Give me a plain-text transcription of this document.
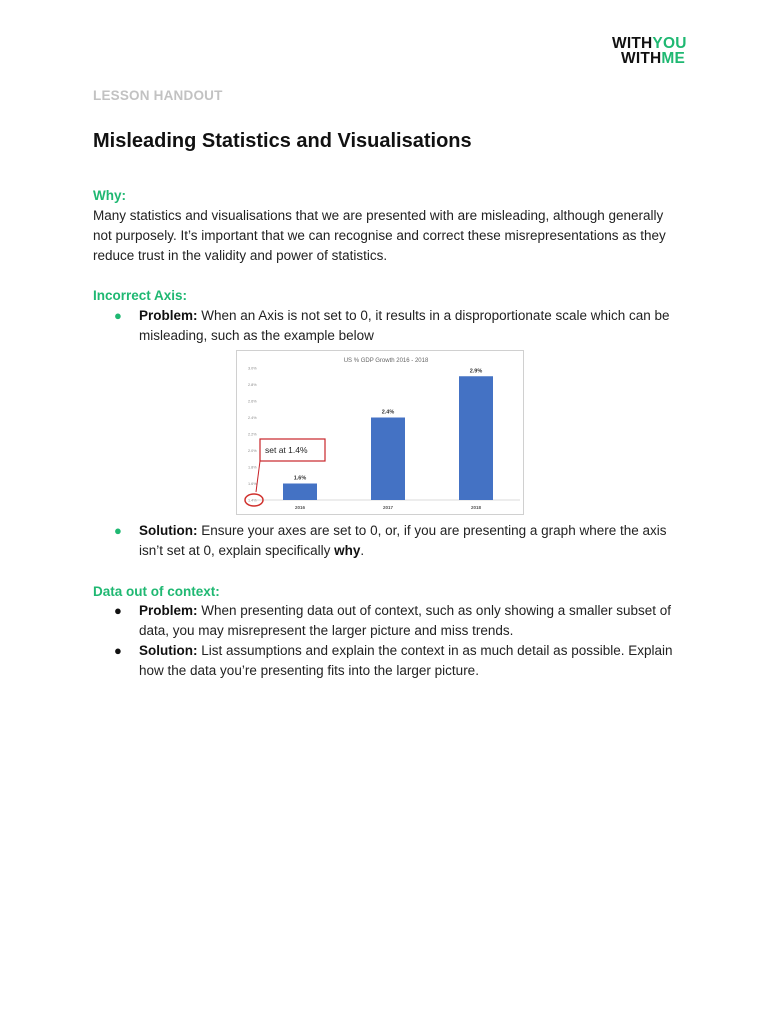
WITHYOU
WITHME
LESSON HANDOUT
Misleading Statistics and Visualisations
Why:

Many statistics and visualisations that we are presented with are misleading, although generally not purposely. It’s important that we can recognise and correct these misrepresentations as they reduce trust in the validity and power of statistics.

Incorrect Axis:
● Problem: When an Axis is not set to 0, it results in a disproportionate scale which can be misleading, such as the example below
US % GDP Growth 2016 - 2018
1.4%
1.6%
1.8%
2.0%
2.2%
2.4%
2.6%
2.8%
3.0%
1.6%
2.4%
2.9%
2016	2017	2018
set at 1.4%
● Solution: Ensure your axes are set to 0, or, if you are presenting a graph where the axis isn’t set at 0, explain specifically why.
Data out of context:
● Problem: When presenting data out of context, such as only showing a smaller subset of data, you may misrepresent the larger picture and miss trends.
● Solution: List assumptions and explain the context in as much detail as possible. Explain how the data you’re presenting fits into the larger picture.
